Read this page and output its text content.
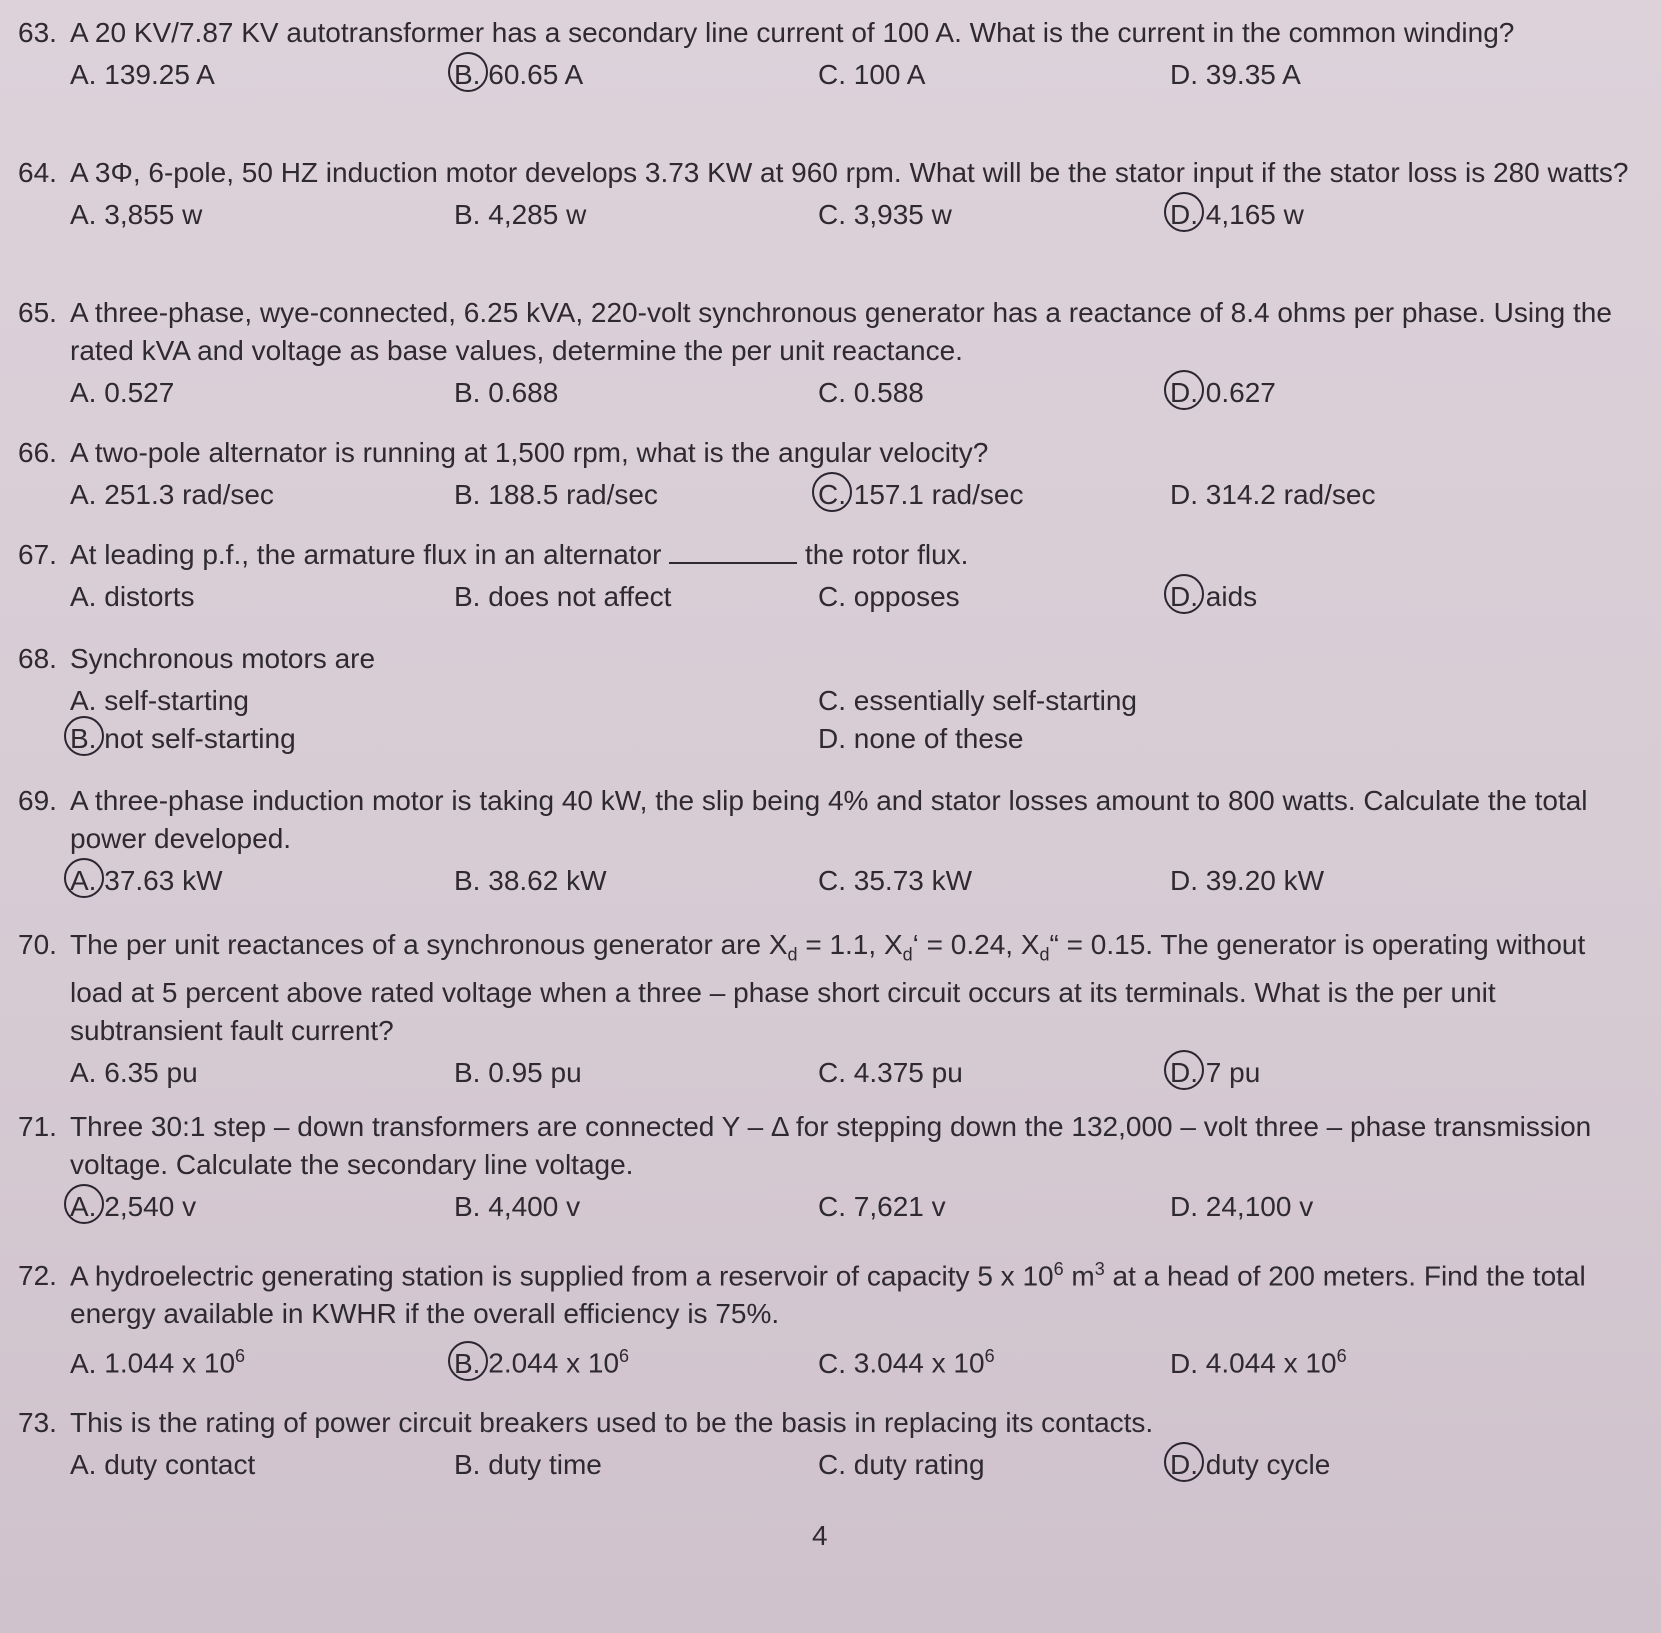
63. A 20 KV/7.87 KV autotransformer has a secondary line current of 100 A. What is the current in the common winding?

A. 139.25 A	B. 60.65 A	C. 100 A	D. 39.35 A

64. A 3Φ, 6-pole, 50 HZ induction motor develops 3.73 KW at 960 rpm. What will be the stator input if the stator loss is 280 watts?

A. 3,855 w	B. 4,285 w	C. 3,935 w	D. 4,165 w

65. A three-phase, wye-connected, 6.25 kVA, 220-volt synchronous generator has a reactance of 8.4 ohms per phase. Using the rated kVA and voltage as base values, determine the per unit reactance.

A. 0.527	B. 0.688	C. 0.588	D. 0.627

66. A two-pole alternator is running at 1,500 rpm, what is the angular velocity?

A. 251.3 rad/sec	B. 188.5 rad/sec	C. 157.1 rad/sec	D. 314.2 rad/sec

67. At leading p.f., the armature flux in an alternator	the rotor flux.

A. distorts	B. does not affect	C. opposes	D. aids

68. Synchronous motors are

A. self-starting
B. not self-starting
C. essentially self-starting
D. none of these

69. A three-phase induction motor is taking 40 kW, the slip being 4% and stator losses amount to 800 watts. Calculate the total power developed.

A. 37.63 kW	B. 38.62 kW	C. 35.73 kW	D. 39.20 kW

70. The per unit reactances of a synchronous generator are $X_d = 1.1$, $X_d‘ = 0.24$, $X_d“ = 0.15$. The generator is operating without load at 5 percent above rated voltage when a three – phase short circuit occurs at its terminals. What is the per unit subtransient fault current?

A. 6.35 pu	B. 0.95 pu	C. 4.375 pu	D. 7 pu

71. Three 30:1 step – down transformers are connected Y – Δ for stepping down the 132,000 – volt three – phase transmission voltage. Calculate the secondary line voltage.

A. 2,540 v	B. 4,400 v	C. 7,621 v	D. 24,100 v

72. A hydroelectric generating station is supplied from a reservoir of capacity 5 x $10^6$ $m^3$ at a head of 200 meters. Find the total energy available in KWHR if the overall efficiency is 75%.

A. 1.044 x $10^6$	B. 2.044 x $10^6$	C. 3.044 x $10^6$	D. 4.044 x $10^6$

73. This is the rating of power circuit breakers used to be the basis in replacing its contacts.

A. duty contact	B. duty time	C. duty rating	D. duty cycle
4
